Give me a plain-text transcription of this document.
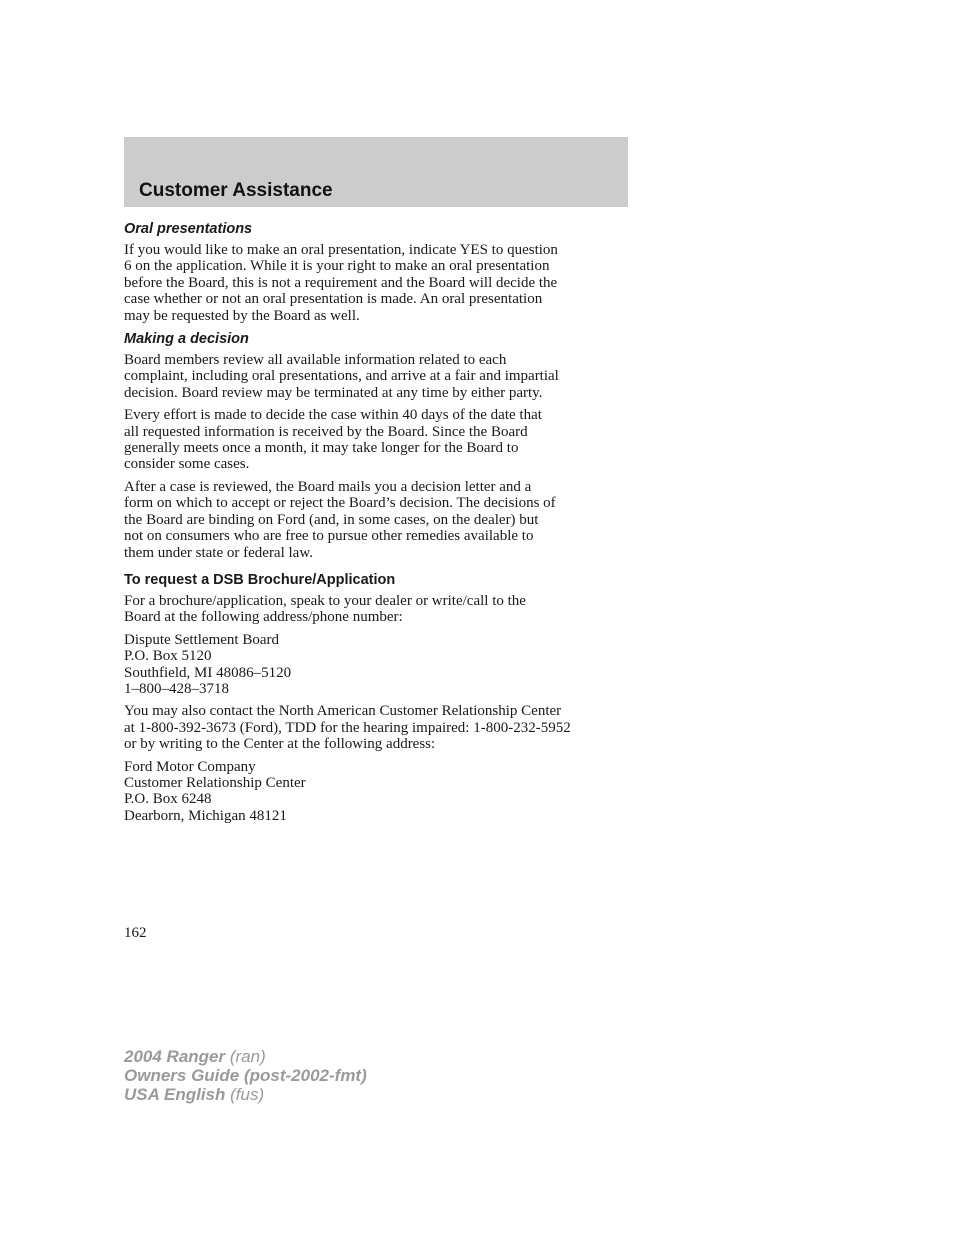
Customer Assistance
Oral presentations

If you would like to make an oral presentation, indicate YES to question
6 on the application. While it is your right to make an oral presentation
before the Board, this is not a requirement and the Board will decide the
case whether or not an oral presentation is made. An oral presentation
may be requested by the Board as well.

Making a decision

Board members review all available information related to each
complaint, including oral presentations, and arrive at a fair and impartial
decision. Board review may be terminated at any time by either party.

Every effort is made to decide the case within 40 days of the date that
all requested information is received by the Board. Since the Board
generally meets once a month, it may take longer for the Board to
consider some cases.

After a case is reviewed, the Board mails you a decision letter and a
form on which to accept or reject the Board’s decision. The decisions of
the Board are binding on Ford (and, in some cases, on the dealer) but
not on consumers who are free to pursue other remedies available to
them under state or federal law.

To request a DSB Brochure/Application

For a brochure/application, speak to your dealer or write/call to the
Board at the following address/phone number:

Dispute Settlement Board
P.O. Box 5120
Southfield, MI 48086–5120
1–800–428–3718

You may also contact the North American Customer Relationship Center
at 1-800-392-3673 (Ford), TDD for the hearing impaired: 1-800-232-5952
or by writing to the Center at the following address:

Ford Motor Company
Customer Relationship Center
P.O. Box 6248
Dearborn, Michigan 48121

162

2004 Ranger (ran)
Owners Guide (post-2002-fmt)
USA English (fus)
